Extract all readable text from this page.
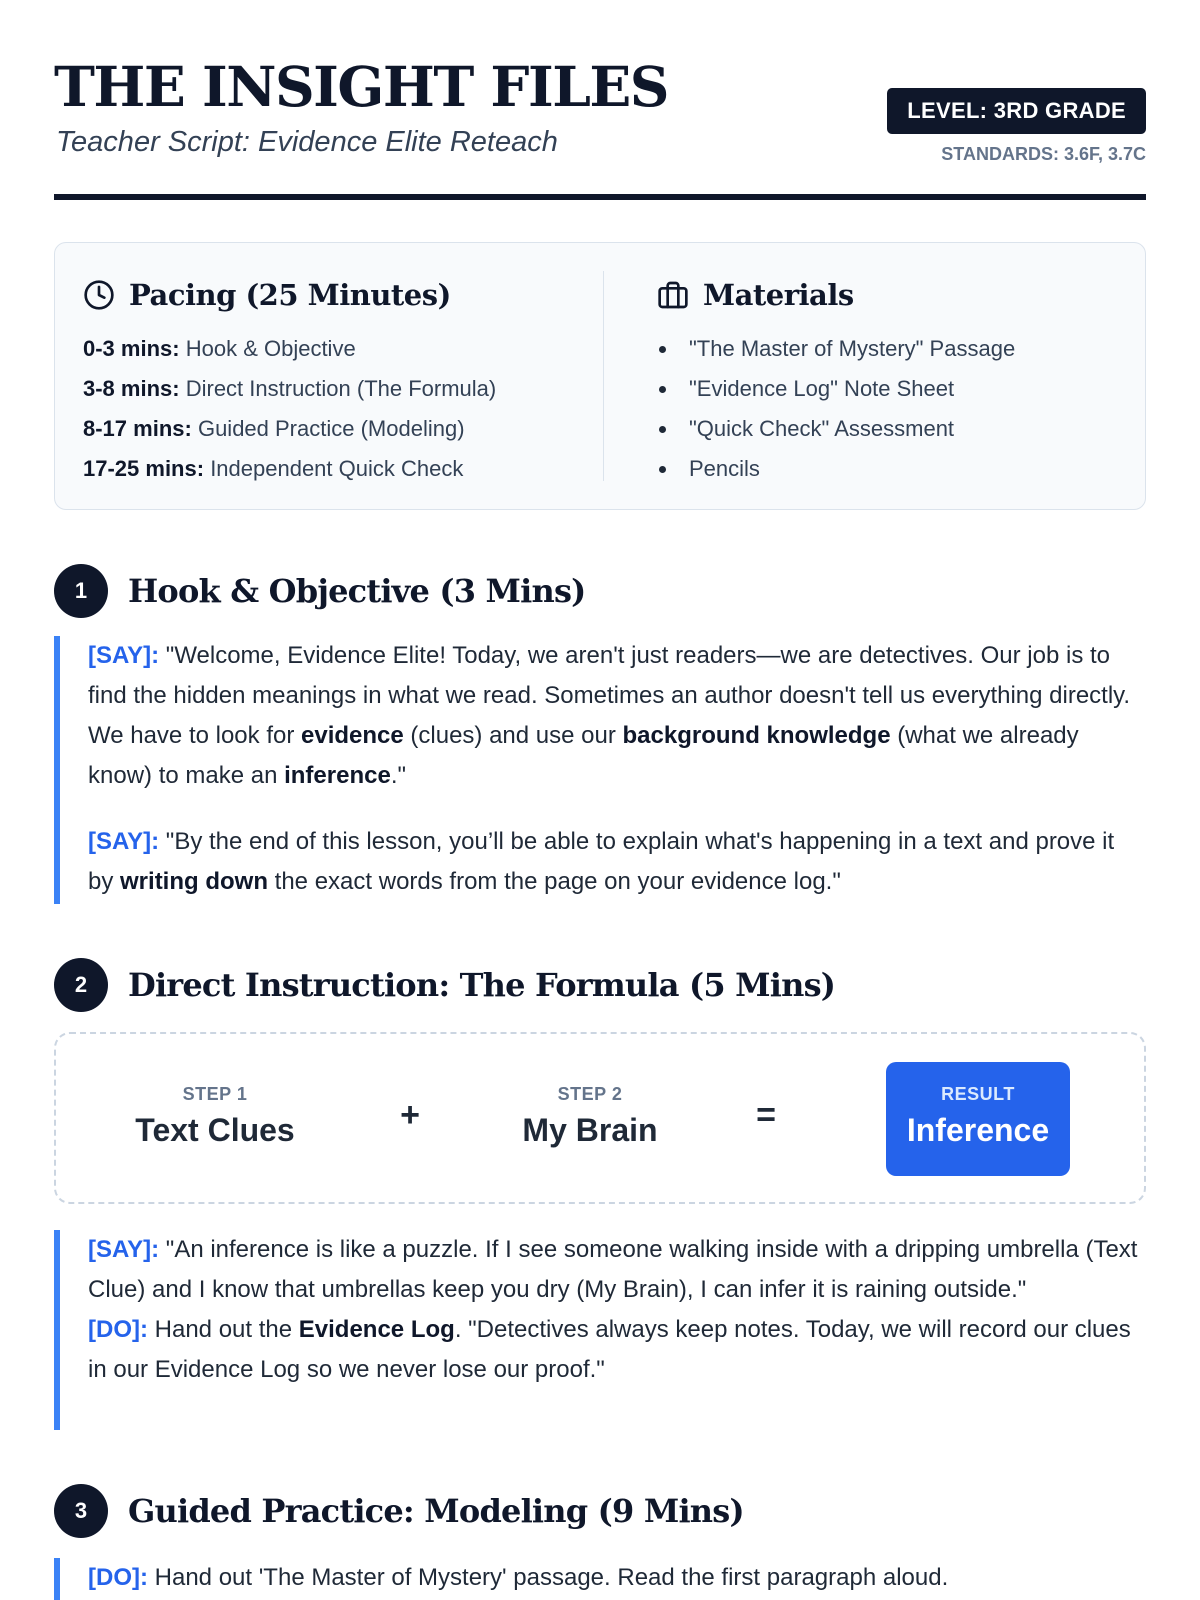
THE INSIGHT FILES
Teacher Script: Evidence Elite Reteach
LEVEL: 3RD GRADE
STANDARDS: 3.6F, 3.7C
Pacing (25 Minutes)
0-3 mins: Hook & Objective
3-8 mins: Direct Instruction (The Formula)
8-17 mins: Guided Practice (Modeling)
17-25 mins: Independent Quick Check
Materials
"The Master of Mystery" Passage
"Evidence Log" Note Sheet
"Quick Check" Assessment
Pencils
1	Hook & Objective (3 Mins)

[SAY]: "Welcome, Evidence Elite! Today, we aren't just readers—we are detectives. Our job is to find the hidden meanings in what we read. Sometimes an author doesn't tell us everything directly. We have to look for evidence (clues) and use our background knowledge (what we already know) to make an inference."

[SAY]: "By the end of this lesson, you’ll be able to explain what's happening in a text and prove it by writing down the exact words from the page on your evidence log."

2	Direct Instruction: The Formula (5 Mins)
STEP 1
Text Clues	+
STEP 2
My Brain	=
RESULT
Inference

[SAY]: "An inference is like a puzzle. If I see someone walking inside with a dripping umbrella (Text Clue) and I know that umbrellas keep you dry (My Brain), I can infer it is raining outside."

[DO]: Hand out the Evidence Log. "Detectives always keep notes. Today, we will record our clues in our Evidence Log so we never lose our proof."

3	Guided Practice: Modeling (9 Mins)

[DO]: Hand out 'The Master of Mystery' passage. Read the first paragraph aloud.
